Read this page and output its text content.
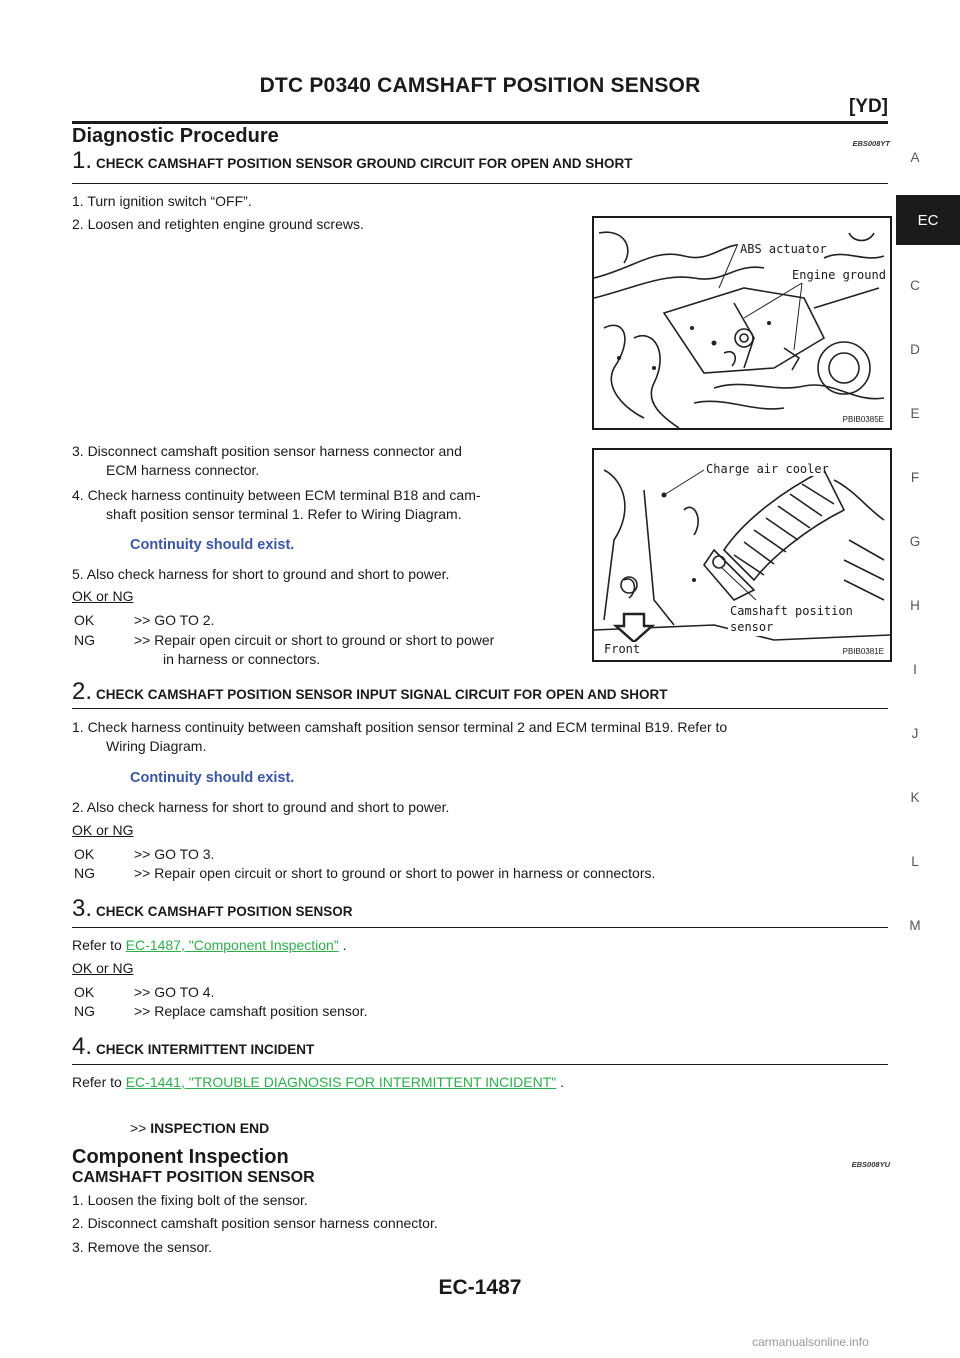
DTC P0340 CAMSHAFT POSITION SENSOR
[YD]
A
EC
C
D
E
F
G
H
I
J
K
L
M
Diagnostic Procedure	EBS008YT
1. CHECK CAMSHAFT POSITION SENSOR GROUND CIRCUIT FOR OPEN AND SHORT
1. Turn ignition switch “OFF”.
2. Loosen and retighten engine ground screws.
3. Disconnect camshaft position sensor harness connector and
ECM harness connector.
4. Check harness continuity between ECM terminal B18 and cam-
shaft position sensor terminal 1. Refer to Wiring Diagram.
Continuity should exist.
5. Also check harness for short to ground and short to power.
OK or NG
OK	>> GO TO 2.
NG	>> Repair open circuit or short to ground or short to power
in harness or connectors.
ABS actuator
Engine ground
PBIB0385E
Charge air cooler
Camshaft position
sensor
Front	PBIB0381E
2. CHECK CAMSHAFT POSITION SENSOR INPUT SIGNAL CIRCUIT FOR OPEN AND SHORT
1. Check harness continuity between camshaft position sensor terminal 2 and ECM terminal B19. Refer to
Wiring Diagram.
Continuity should exist.
2. Also check harness for short to ground and short to power.
OK or NG
OK	>> GO TO 3.
NG	>> Repair open circuit or short to ground or short to power in harness or connectors.
3. CHECK CAMSHAFT POSITION SENSOR
Refer to EC-1487, "Component Inspection" .
OK or NG
OK	>> GO TO 4.
NG	>> Replace camshaft position sensor.
4. CHECK INTERMITTENT INCIDENT
Refer to EC-1441, "TROUBLE DIAGNOSIS FOR INTERMITTENT INCIDENT" .
>> INSPECTION END
Component Inspection	EBS008YU
CAMSHAFT POSITION SENSOR
1. Loosen the fixing bolt of the sensor.
2. Disconnect camshaft position sensor harness connector.
3. Remove the sensor.
EC-1487
carmanualsonline.info
